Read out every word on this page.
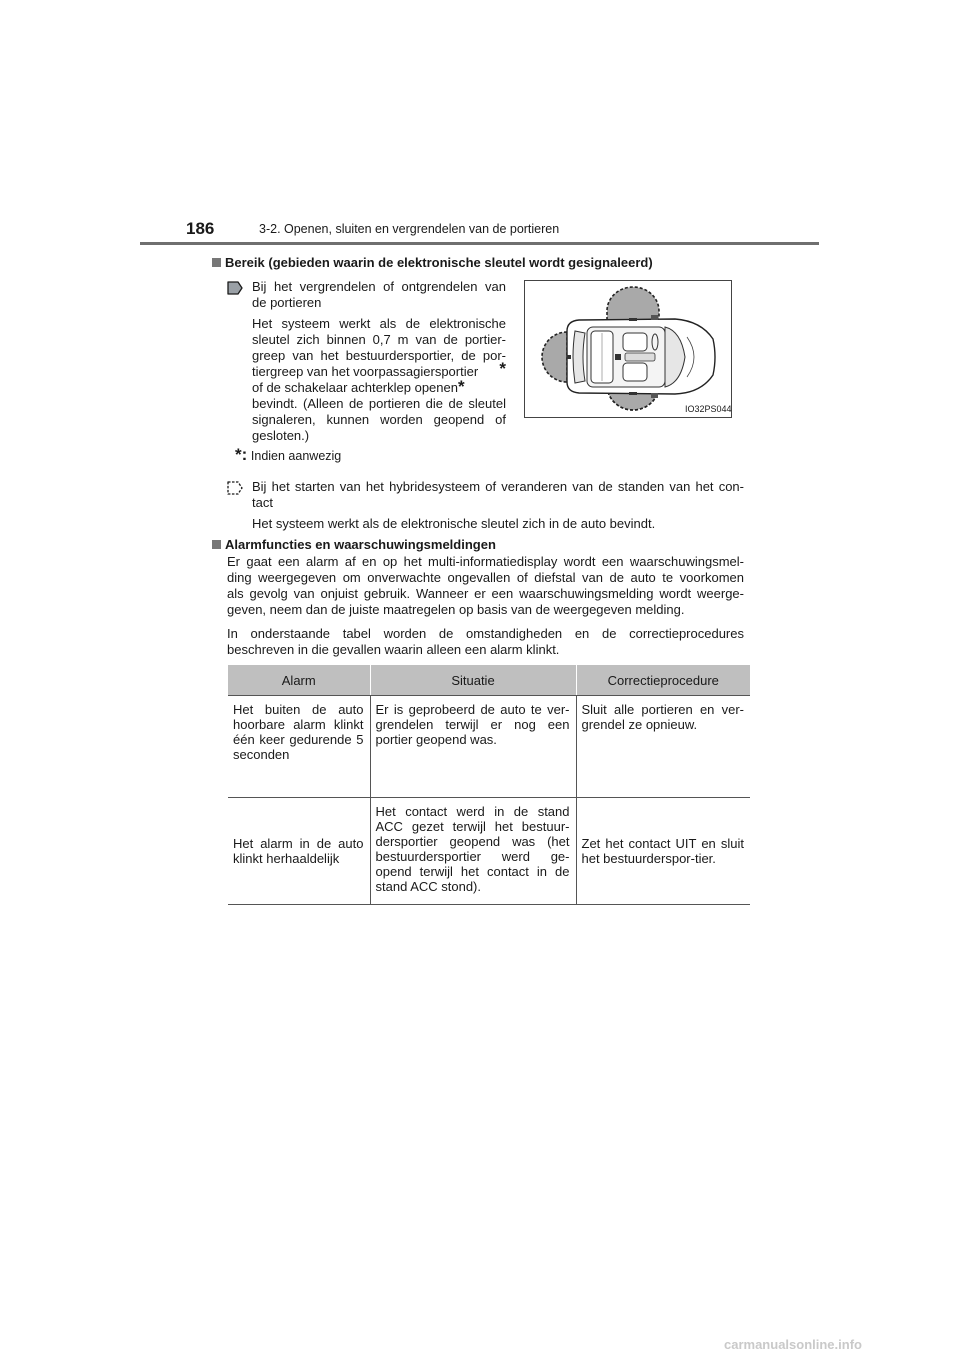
186	3-2. Openen, sluiten en vergrendelen van de portieren
Bereik (gebieden waarin de elektronische sleutel wordt gesignaleerd)
Bij het vergrendelen of ontgrendelen van
de portieren
Het systeem werkt als de elektronische
sleutel zich binnen 0,7 m van de portier-
greep van het bestuurdersportier, de por-
tiergreep van het voorpassagiersportier *
of de schakelaar achterklep openen*
bevindt. (Alleen de portieren die de sleutel
signaleren, kunnen worden geopend of
gesloten.)
*: Indien aanwezig
IO32PS044
Bij het starten van het hybridesysteem of veranderen van de standen van het con-
tact
Het systeem werkt als de elektronische sleutel zich in de auto bevindt.
Alarmfuncties en waarschuwingsmeldingen
Er gaat een alarm af en op het multi-informatiedisplay wordt een waarschuwingsmel-
ding weergegeven om onverwachte ongevallen of diefstal van de auto te voorkomen
als gevolg van onjuist gebruik. Wanneer er een waarschuwingsmelding wordt weerge-
geven, neem dan de juiste maatregelen op basis van de weergegeven melding.
In onderstaande tabel worden de omstandigheden en de correctieprocedures
beschreven in die gevallen waarin alleen een alarm klinkt.
Alarm	Situatie	Correctieprocedure
Het buiten de auto hoorbare alarm klinkt één keer gedurende 5 seconden	Er is geprobeerd de auto te ver-grendelen terwijl er nog een portier geopend was.	Sluit alle portieren en ver-grendel ze opnieuw.
Het alarm in de auto klinkt herhaaldelijk	Het contact werd in de stand ACC gezet terwijl het bestuur-dersportier geopend was (het bestuurdersportier werd ge-opend terwijl het contact in de stand ACC stond).	Zet het contact UIT en sluit het bestuurderspor-tier.
carmanualsonline.info
